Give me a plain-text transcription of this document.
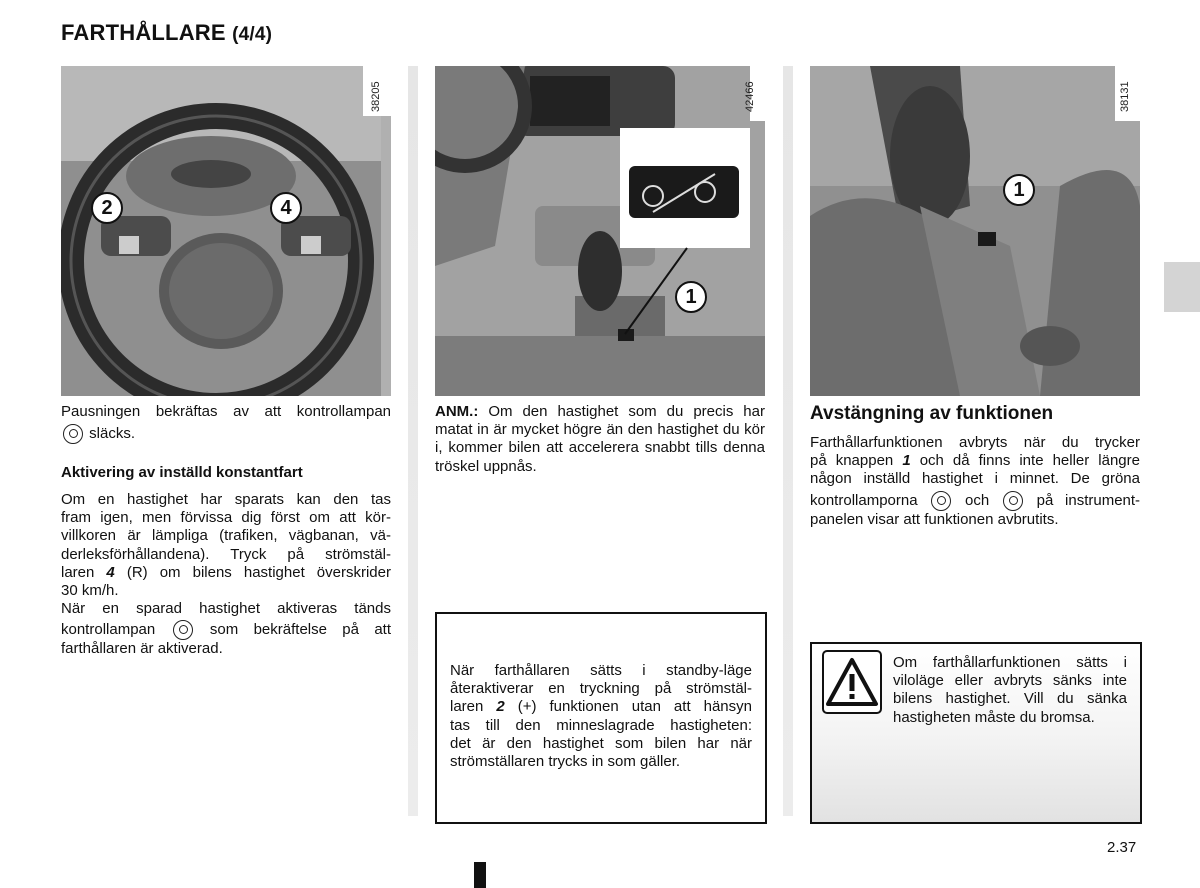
FARTHÅLLARE (4/4)
38205
2	4
42466
1
38131
1

Pausningen bekräftas av att kontrollampan

släcks.

Aktivering av inställd konstantfart

Om en hastighet har sparats kan den tas

fram igen, men förvissa dig först om att kör-

villkoren är lämpliga (trafiken, vägbanan, vä-

derleksförhållandena). Tryck på strömstäl-

laren 4 (R) om bilens hastighet överskrider

30 km/h.

När en sparad hastighet aktiveras tänds

kontrollampan	som bekräftelse på att

farthållaren är aktiverad.

ANM.: Om den hastighet som du precis har matat in är mycket högre än den hastighet du kör i, kommer bilen att accelerera snabbt tills denna tröskel uppnås.

När farthållaren sätts i standby-läge

återaktiverar en tryckning på strömstäl-

laren 2 (+) funktionen utan att hänsyn

tas till den minneslagrade hastigheten:

det är den hastighet som bilen har när

strömställaren trycks in som gäller.

Avstängning av funktionen

Farthållarfunktionen avbryts när du trycker

på knappen 1 och då finns inte heller längre

någon inställd hastighet i minnet. De gröna

kontrollamporna	och	på instrument-

panelen visar att funktionen avbrutits.

Om farthållarfunktionen sätts i

viloläge eller avbryts sänks inte

bilens hastighet. Vill du sänka

hastigheten måste du bromsa.

2.37
